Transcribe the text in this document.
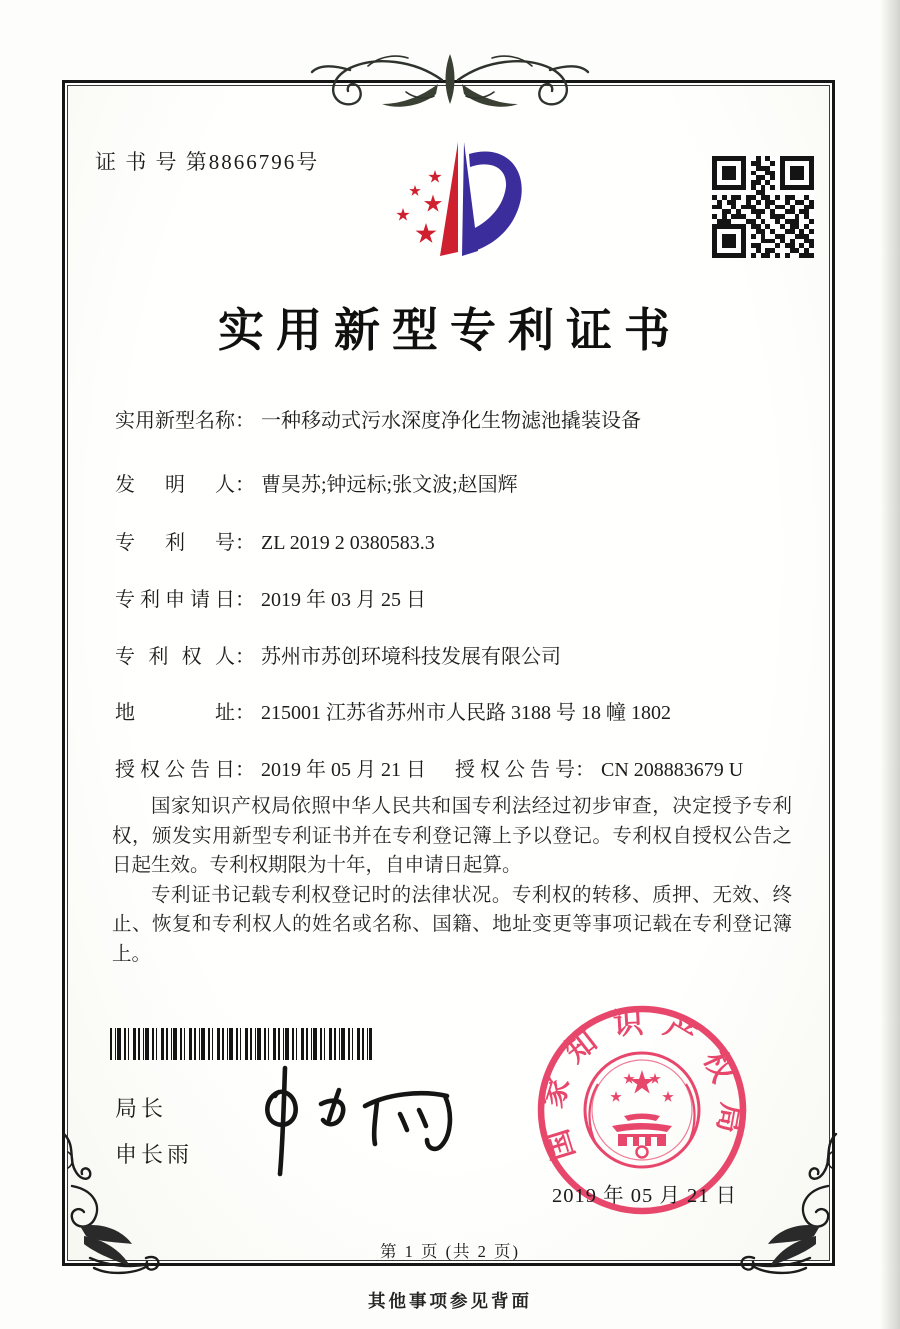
证 书 号 第8866796号
实用新型专利证书
实用新型名称： 一种移动式污水深度净化生物滤池撬装设备
发明人： 曹昊苏;钟远标;张文波;赵国辉
专利号： ZL 2019 2 0380583.3
专利申请日： 2019 年 03 月 25 日
专利权人： 苏州市苏创环境科技发展有限公司
地址： 215001 江苏省苏州市人民路 3188 号 18 幢 1802
授权公告日： 2019 年 05 月 21 日 授权公告号： CN 208883679 U

国家知识产权局依照中华人民共和国专利法经过初步审查，决定授予专利权，颁发实用新型专利证书并在专利登记簿上予以登记。专利权自授权公告之日起生效。专利权期限为十年，自申请日起算。

专利证书记载专利权登记时的法律状况。专利权的转移、质押、无效、终止、恢复和专利权人的姓名或名称、国籍、地址变更等事项记载在专利登记簿上。

局长
申长雨	国家知识产权局
2019 年 05 月 21 日
第 1 页 (共 2 页)
其他事项参见背面
